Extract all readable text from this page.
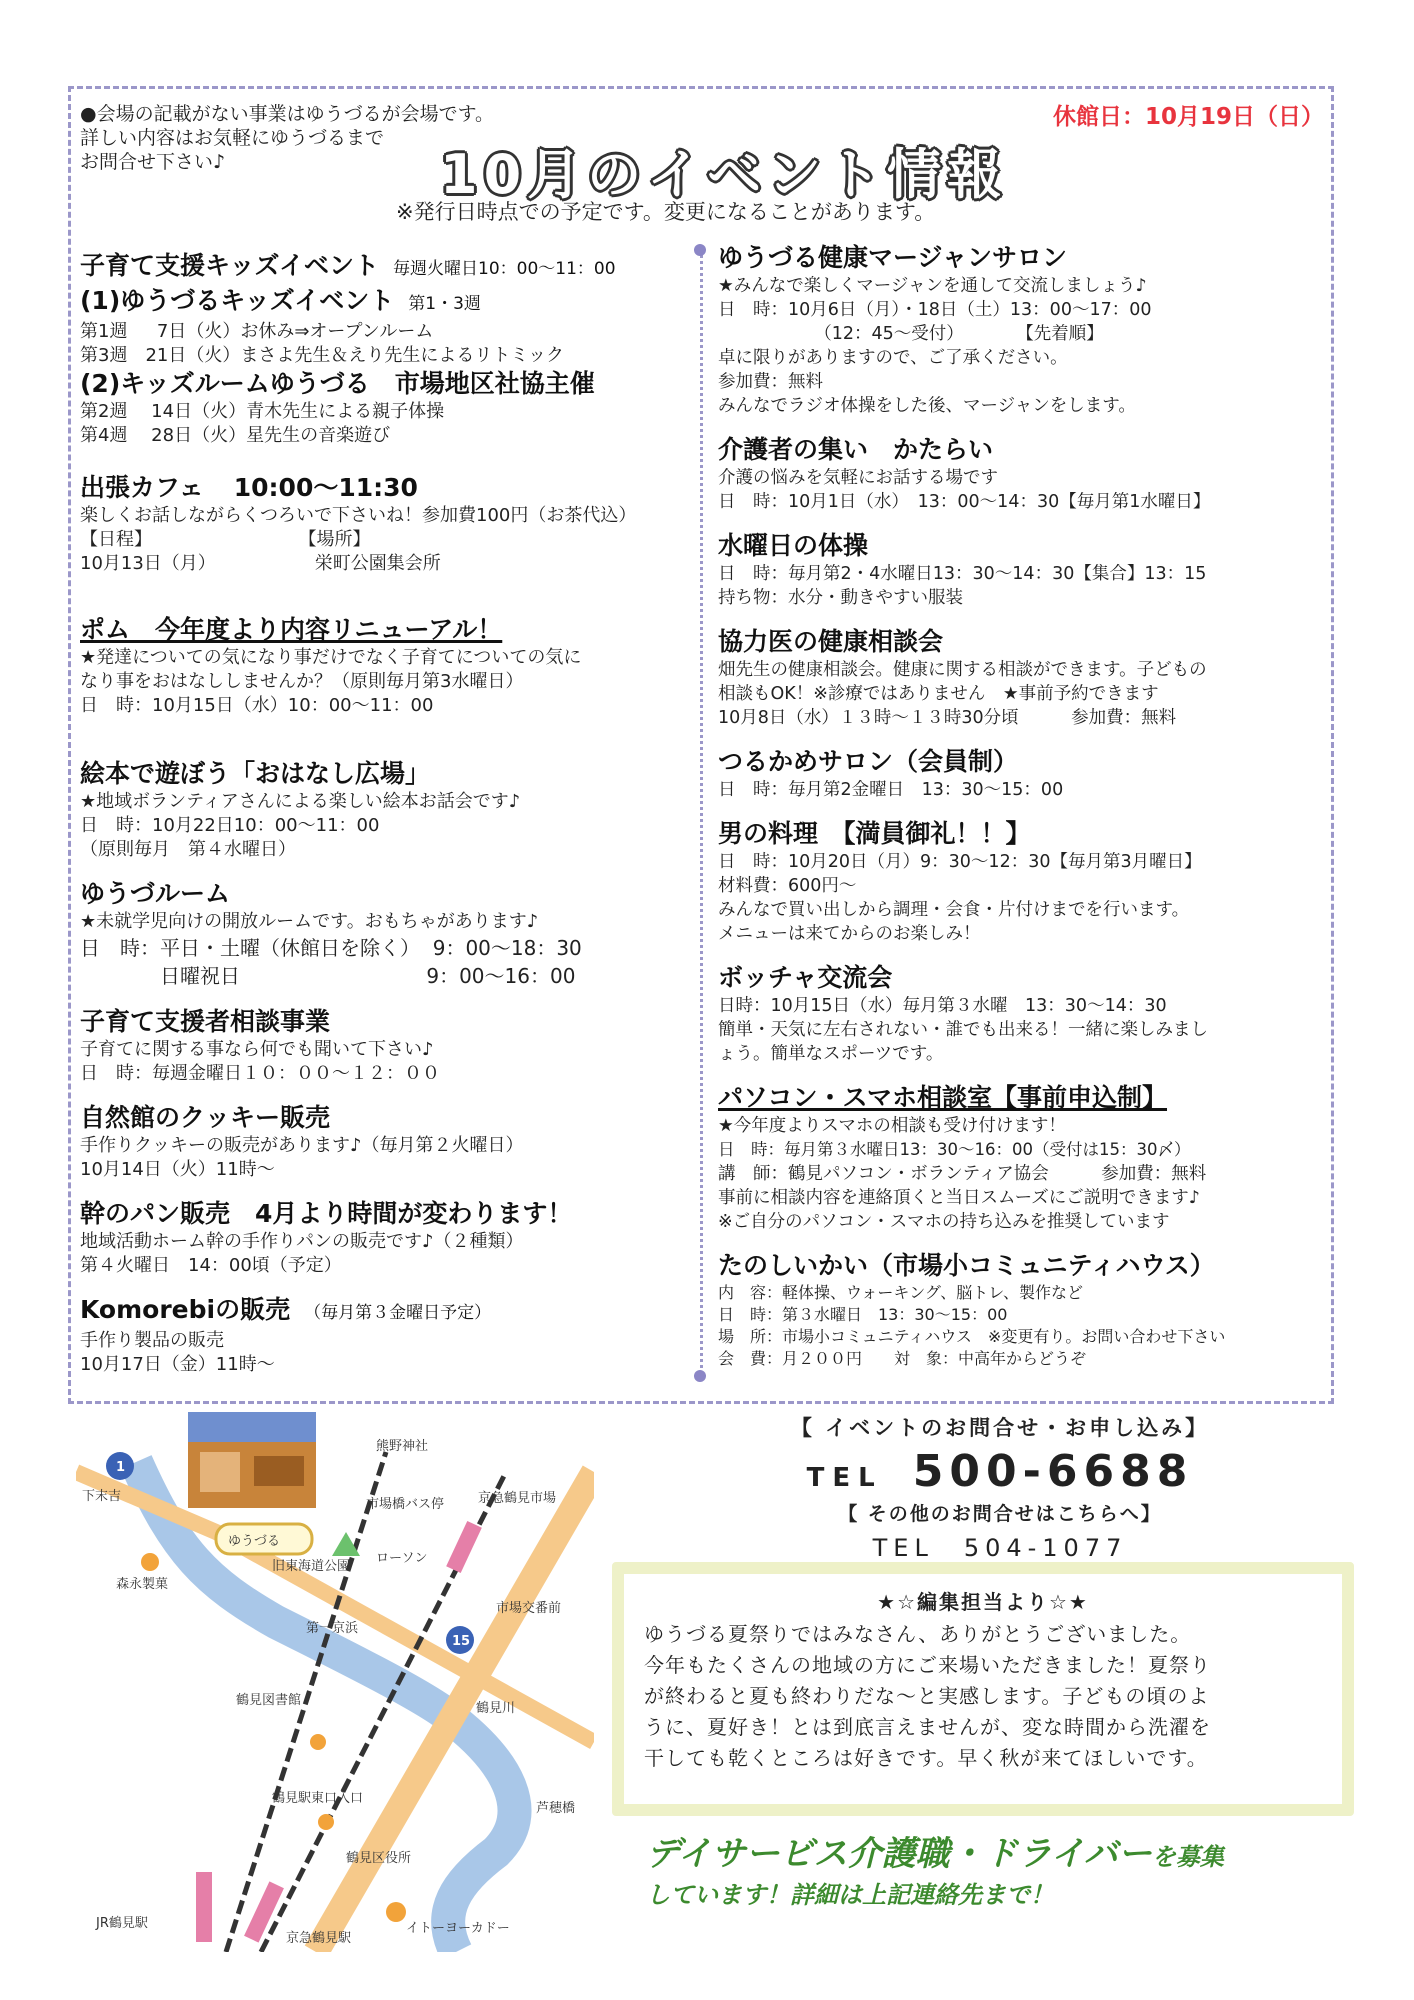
●会場の記載がない事業はゆうづるが会場です。
詳しい内容はお気軽にゆうづるまで
お問合せ下さい♪
休館日：10月19日（日）
10月のイベント情報
※発行日時点での予定です。変更になることがあります。
子育て支援キッズイベント 毎週火曜日10：00～11：00
(1)ゆうづるキッズイベント 第1・3週

第1週　  7日（火）お休み⇒オープンルーム

第3週　21日（火）まさよ先生＆えり先生によるリトミック

(2)キッズルームゆうづる　市場地区社協主催

第2週　 14日（火）青木先生による親子体操

第4週　 28日（火）星先生の音楽遊び

出張カフェ 10:00～11:30

楽しくお話しながらくつろいで下さいね！参加費100円（お茶代込）

【日程】　　　　　　　　  【場所】

10月13日（月）　　　　　　栄町公園集会所

ポム　今年度より内容リニューアル！

★発達についての気になり事だけでなく子育てについての気に

なり事をおはなししませんか？（原則毎月第3水曜日）

日　時：10月15日（水）10：00～11：00

絵本で遊ぼう「おはなし広場」

★地域ボランティアさんによる楽しい絵本お話会です♪

日　時：10月22日10：00～11：00

（原則毎月　第４水曜日）

ゆうづルーム

★未就学児向けの開放ルームです。おもちゃがあります♪

日　時：平日・土曜（休館日を除く）  9：00～18：30

　　　　日曜祝日　　　　　　　　　 9：00～16：00

子育て支援者相談事業

子育てに関する事なら何でも聞いて下さい♪

日　時：毎週金曜日１０：００～１２：００

自然館のクッキー販売

手作りクッキーの販売があります♪（毎月第２火曜日）

10月14日（火）11時～

幹のパン販売　4月より時間が変わります！

地域活動ホーム幹の手作りパンの販売です♪（２種類）

第４火曜日　14：00頃（予定）

Komorebiの販売 （毎月第３金曜日予定）

手作り製品の販売

10月17日（金）11時～

ゆうづる健康マージャンサロン

★みんなで楽しくマージャンを通して交流しましょう♪

日　時：10月6日（月）・18日（土）13：00～17：00

　　　　　　（12：45～受付）　　　　【先着順】

卓に限りがありますので、ご了承ください。

参加費：無料

みんなでラジオ体操をした後、マージャンをします。

介護者の集い　かたらい

介護の悩みを気軽にお話する場です

日　時：10月1日（水）　13：00～14：30【毎月第1水曜日】

水曜日の体操

日　時：毎月第2・4水曜日13：30～14：30【集合】13：15

持ち物：水分・動きやすい服装

協力医の健康相談会

畑先生の健康相談会。健康に関する相談ができます。子どもの

相談もOK！※診療ではありません　★事前予約できます

10月8日（水）１３時～１３時30分頃　　　参加費：無料

つるかめサロン（会員制）

日　時：毎月第2金曜日　13：30～15：00

男の料理　【満員御礼！！】

日　時：10月20日（月）9：30～12：30【毎月第3月曜日】

材料費：600円～

みんなで買い出しから調理・会食・片付けまでを行います。

メニューは来てからのお楽しみ！

ボッチャ交流会

日時：10月15日（水）毎月第３水曜　13：30～14：30

簡単・天気に左右されない・誰でも出来る！一緒に楽しみまし

ょう。簡単なスポーツです。

パソコン・スマホ相談室【事前申込制】

★今年度よりスマホの相談も受け付けます！

日　時：毎月第３水曜日13：30～16：00（受付は15：30〆）

講　師：鶴見パソコン・ボランティア協会　　　参加費：無料

事前に相談内容を連絡頂くと当日スムーズにご説明できます♪

※ご自分のパソコン・スマホの持ち込みを推奨しています

たのしいかい（市場小コミュニティハウス）

内　容：軽体操、ウォーキング、脳トレ、製作など

日　時：第３水曜日　13：30～15：00

場　所：市場小コミュニティハウス　※変更有り。お問い合わせ下さい

会　費：月２００円　　対　象：中高年からどうぞ

ゆうづる
熊野神社
市場橋バス停
下末吉
森永製菓
旧東海道公園
ローソン
市場交番前
鶴見図書館
鶴見駅東口入口
鶴見川
鶴見区役所
芦穂橋
イトーヨーカドー
JR鶴見駅
京急鶴見市場
京急鶴見駅
第一京浜
1
15
【 イベントのお問合せ・お申し込み】
TEL 500-6688
【 その他のお問合せはこちらへ】
TEL　504-1077
★☆編集担当より☆★
ゆうづる夏祭りではみなさん、ありがとうございました。
今年もたくさんの地域の方にご来場いただきました！夏祭り
が終わると夏も終わりだな～と実感します。子どもの頃のよ
うに、夏好き！とは到底言えませんが、変な時間から洗濯を
干しても乾くところは好きです。早く秋が来てほしいです。
デイサービス介護職・ドライバーを募集
しています！詳細は上記連絡先まで！
